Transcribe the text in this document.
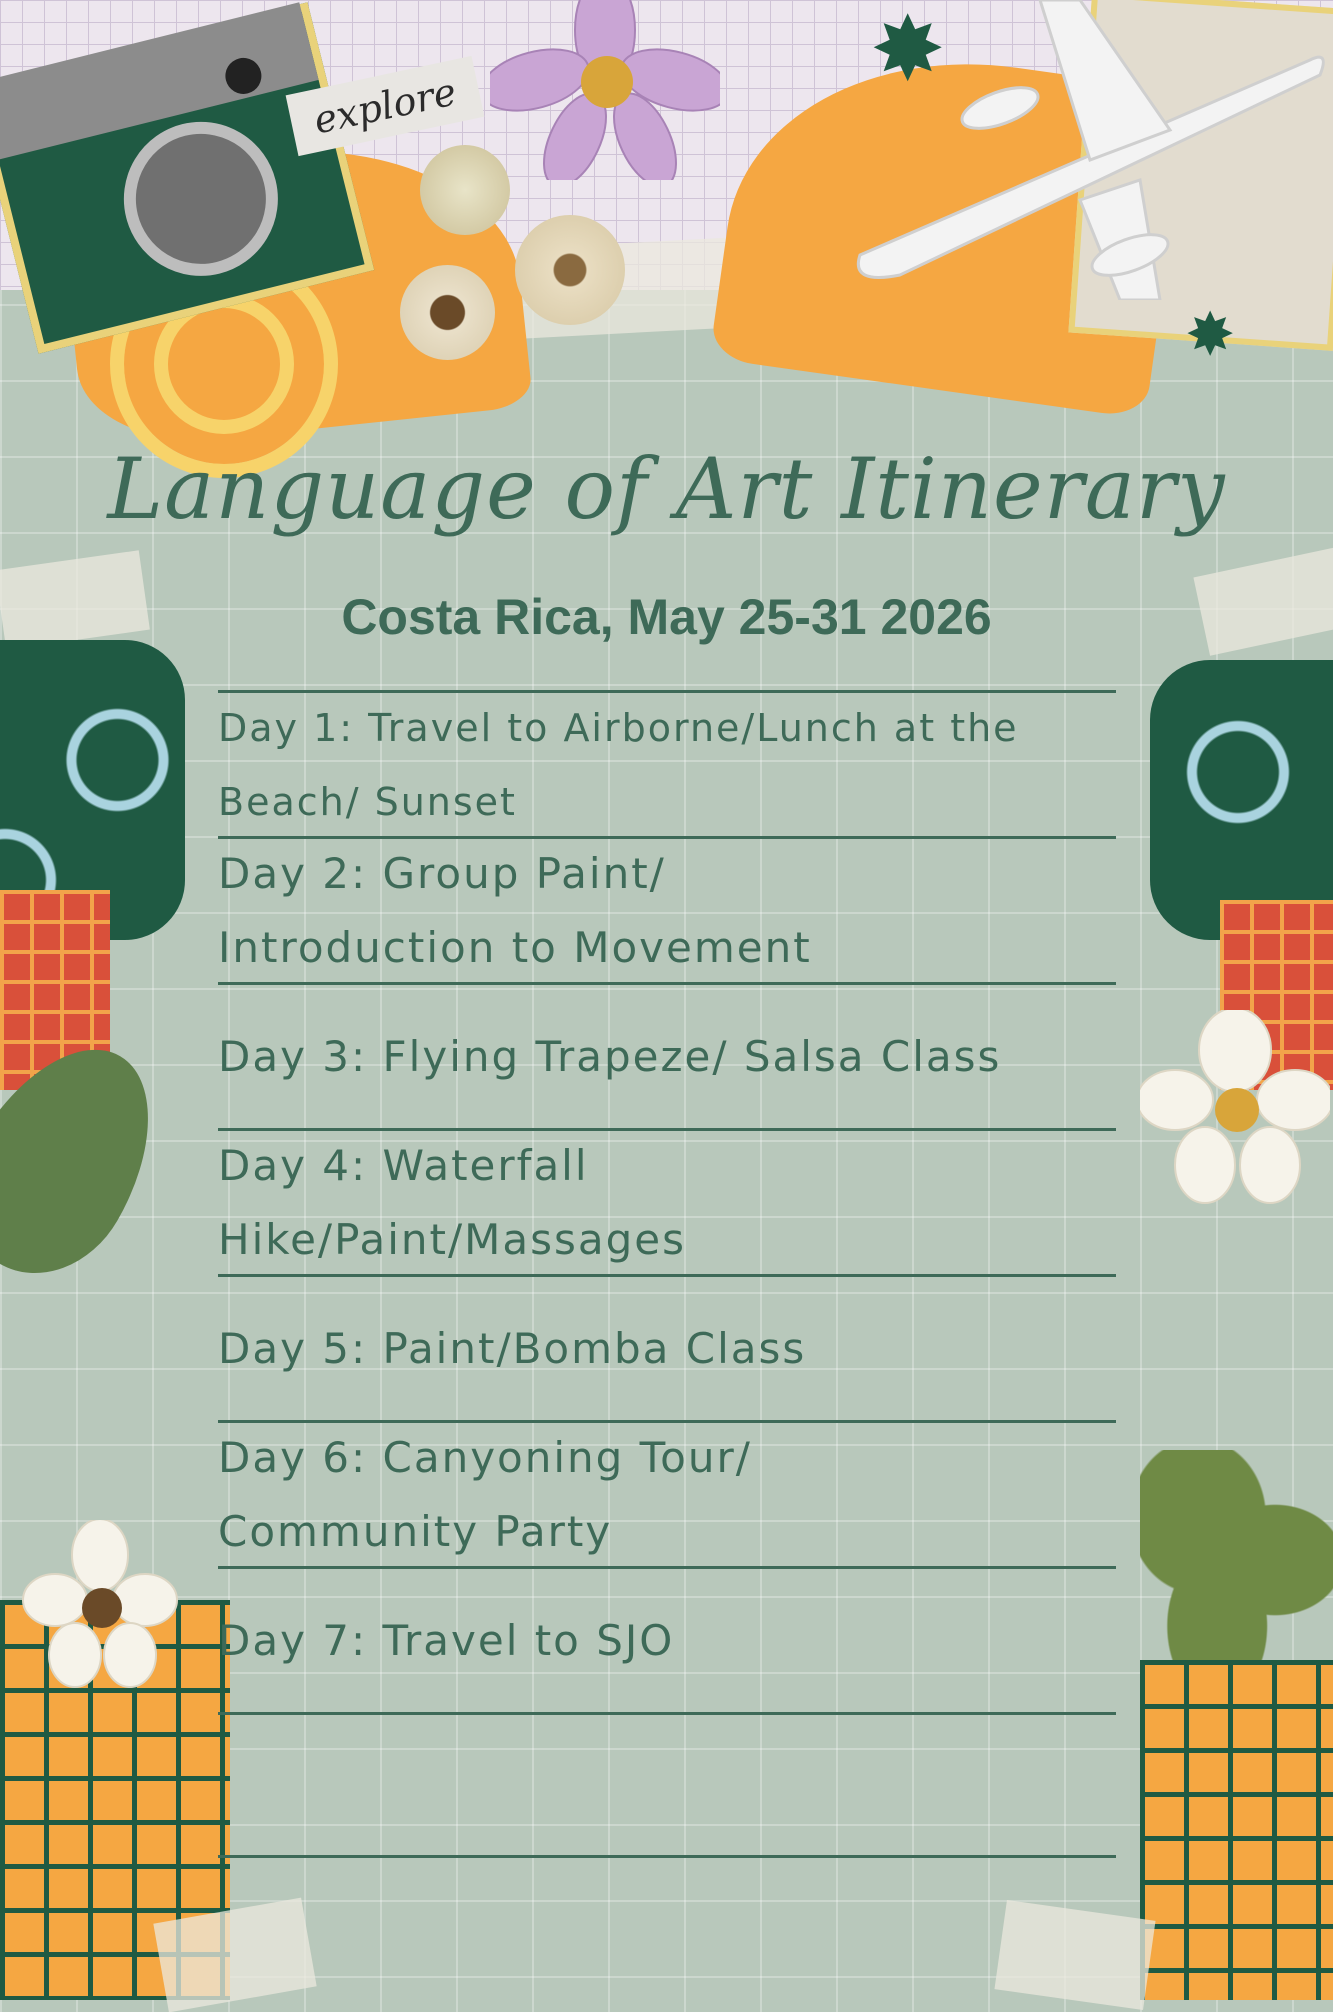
explore
✸
✸
Language of Art Itinerary
Costa Rica, May 25-31 2026
Day 1: Travel to Airborne/Lunch at the
Beach/ Sunset
Day 2: Group Paint/
Introduction to Movement
Day 3: Flying Trapeze/ Salsa Class
Day 4: Waterfall
Hike/Paint/Massages
Day 5: Paint/Bomba Class
Day 6: Canyoning Tour/
Community Party
Day 7: Travel to SJO
